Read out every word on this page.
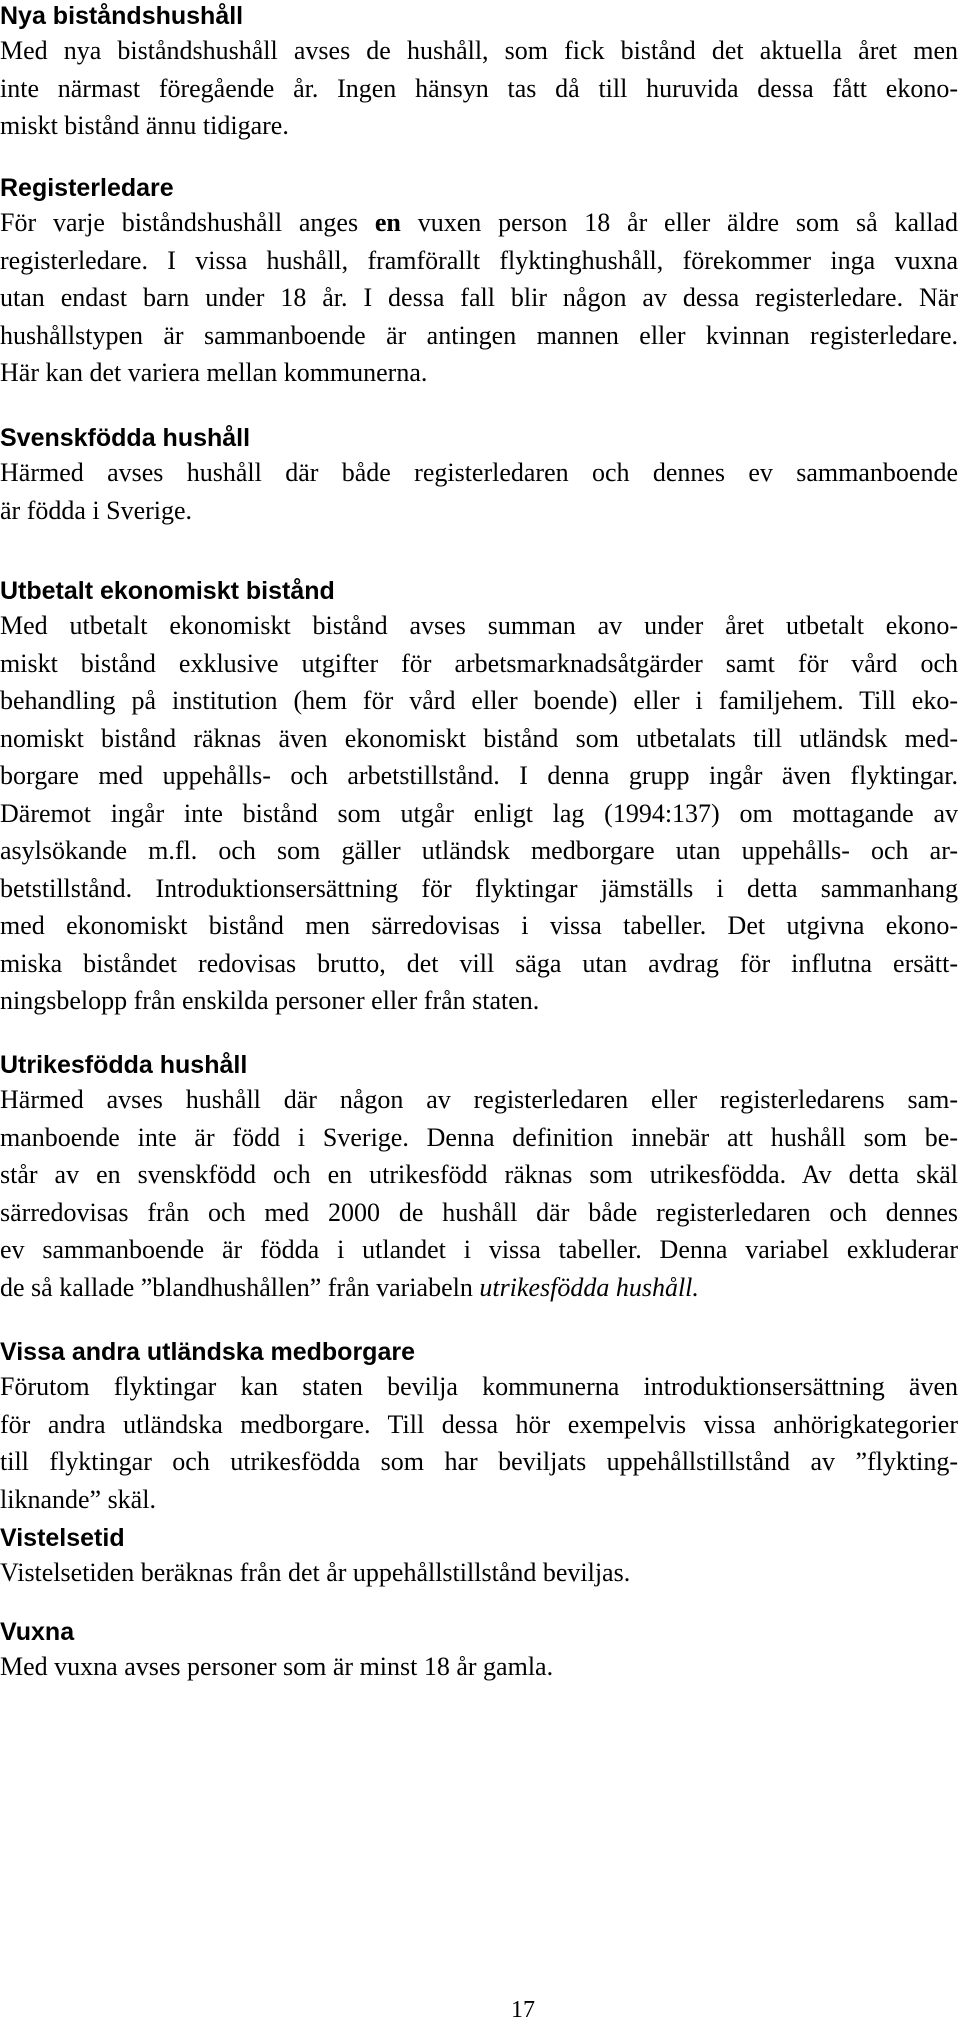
Nya biståndshushåll
Med nya biståndshushåll avses de hushåll, som fick bistånd det aktuella året men
inte närmast föregående år. Ingen hänsyn tas då till huruvida dessa fått ekono-
miskt bistånd ännu tidigare.
Registerledare
För varje biståndshushåll anges en vuxen person 18 år eller äldre som så kallad
registerledare. I vissa hushåll, framförallt flyktinghushåll, förekommer inga vuxna
utan endast barn under 18 år. I dessa fall blir någon av dessa registerledare. När
hushållstypen är sammanboende är antingen mannen eller kvinnan registerledare.
Här kan det variera mellan kommunerna.
Svenskfödda hushåll
Härmed avses hushåll där både registerledaren och dennes ev sammanboende
är födda i Sverige.
Utbetalt ekonomiskt bistånd
Med utbetalt ekonomiskt bistånd avses summan av under året utbetalt ekono-
miskt bistånd exklusive utgifter för arbetsmarknadsåtgärder samt för vård och
behandling på institution (hem för vård eller boende) eller i familjehem. Till eko-
nomiskt bistånd räknas även ekonomiskt bistånd som utbetalats till utländsk med-
borgare med uppehålls- och arbetstillstånd. I denna grupp ingår även flyktingar.
Däremot ingår inte bistånd som utgår enligt lag (1994:137) om mottagande av
asylsökande m.fl. och som gäller utländsk medborgare utan uppehålls- och ar-
betstillstånd. Introduktionsersättning för flyktingar jämställs i detta sammanhang
med ekonomiskt bistånd men särredovisas i vissa tabeller. Det utgivna ekono-
miska biståndet redovisas brutto, det vill säga utan avdrag för influtna ersätt-
ningsbelopp från enskilda personer eller från staten.
Utrikesfödda hushåll
Härmed avses hushåll där någon av registerledaren eller registerledarens sam-
manboende inte är född i Sverige. Denna definition innebär att hushåll som be-
står av en svenskfödd och en utrikesfödd räknas som utrikesfödda. Av detta skäl
särredovisas från och med 2000 de hushåll där både registerledaren och dennes
ev sammanboende är födda i utlandet i vissa tabeller. Denna variabel exkluderar
de så kallade ”blandhushållen” från variabeln utrikesfödda hushåll.
Vissa andra utländska medborgare
Förutom flyktingar kan staten bevilja kommunerna introduktionsersättning även
för andra utländska medborgare. Till dessa hör exempelvis vissa anhörigkategorier
till flyktingar och utrikesfödda som har beviljats uppehållstillstånd av ”flykting-
liknande” skäl.
Vistelsetid
Vistelsetiden beräknas från det år uppehållstillstånd beviljas.
Vuxna
Med vuxna avses personer som är minst 18 år gamla.
17
